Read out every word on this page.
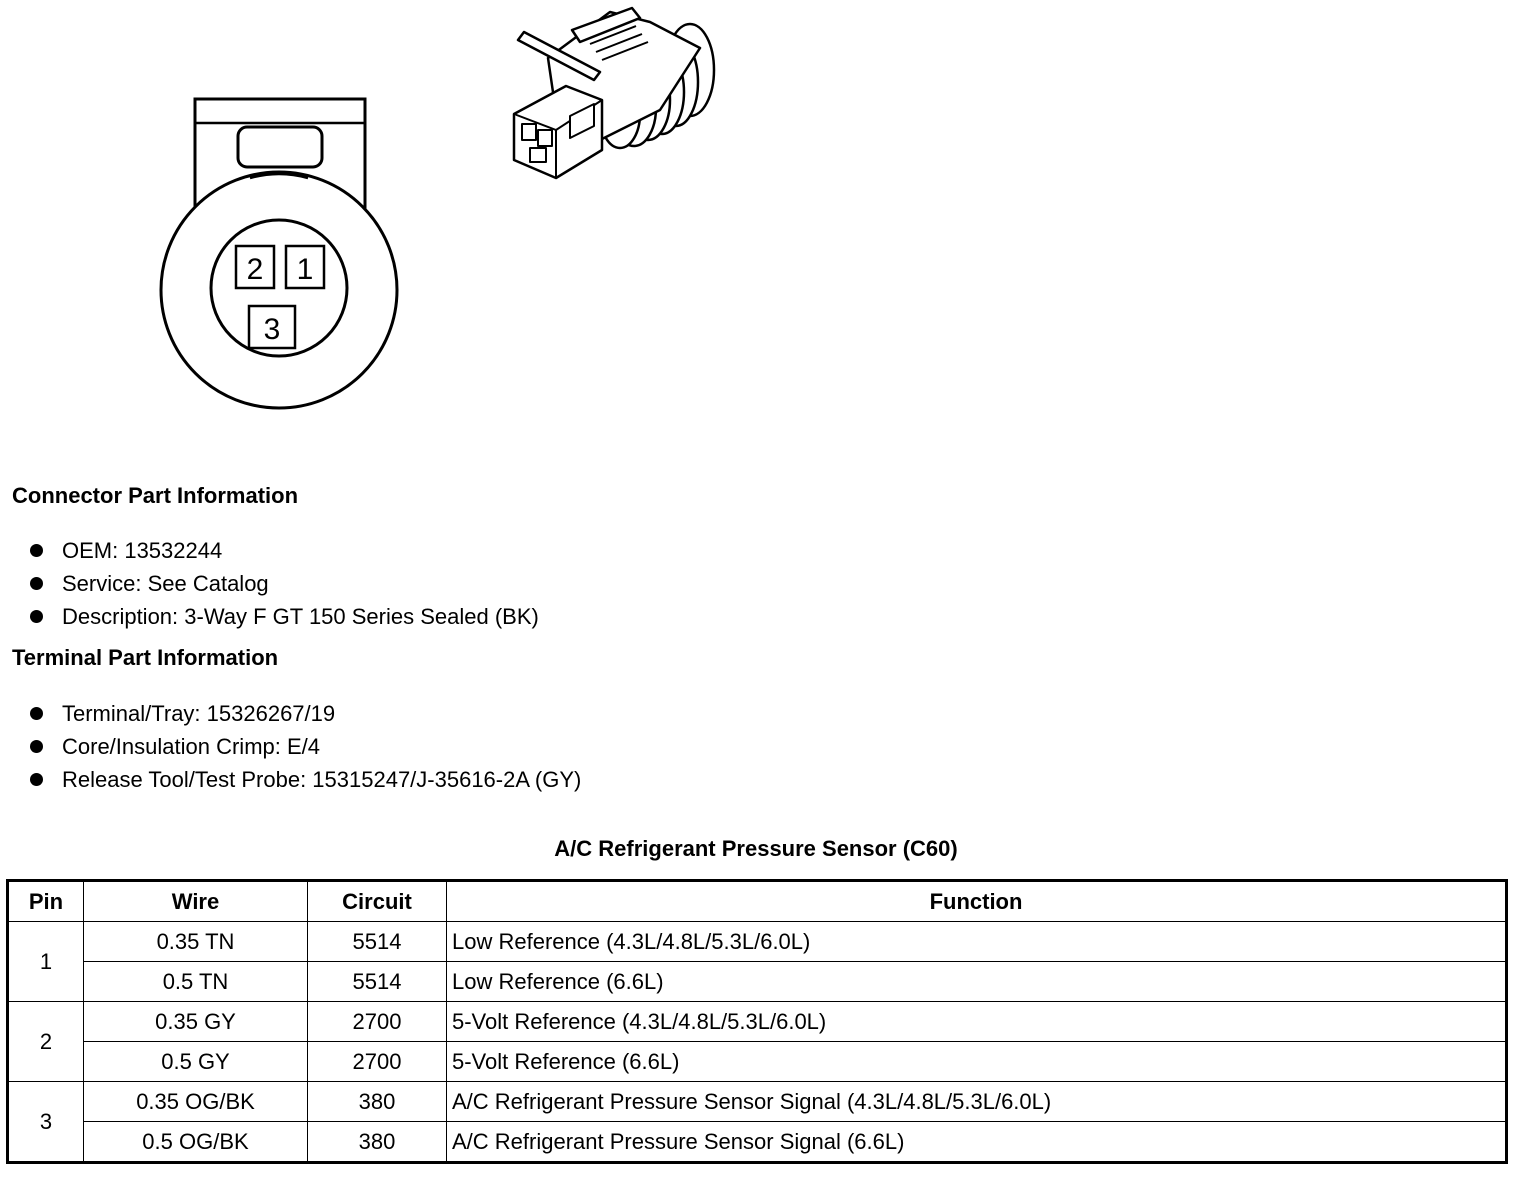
2 1
3
Connector Part Information
OEM: 13532244
Service: See Catalog
Description: 3-Way F GT 150 Series Sealed (BK)
Terminal Part Information
Terminal/Tray: 15326267/19
Core/Insulation Crimp: E/4
Release Tool/Test Probe: 15315247/J-35616-2A (GY)
A/C Refrigerant Pressure Sensor (C60)
Pin	Wire	Circuit	Function
1	0.35 TN	5514	Low Reference (4.3L/4.8L/5.3L/6.0L)
	0.5 TN	5514	Low Reference (6.6L)
2	0.35 GY	2700	5-Volt Reference (4.3L/4.8L/5.3L/6.0L)
	0.5 GY	2700	5-Volt Reference (6.6L)
3	0.35 OG/BK	380	A/C Refrigerant Pressure Sensor Signal (4.3L/4.8L/5.3L/6.0L)
	0.5 OG/BK	380	A/C Refrigerant Pressure Sensor Signal (6.6L)
